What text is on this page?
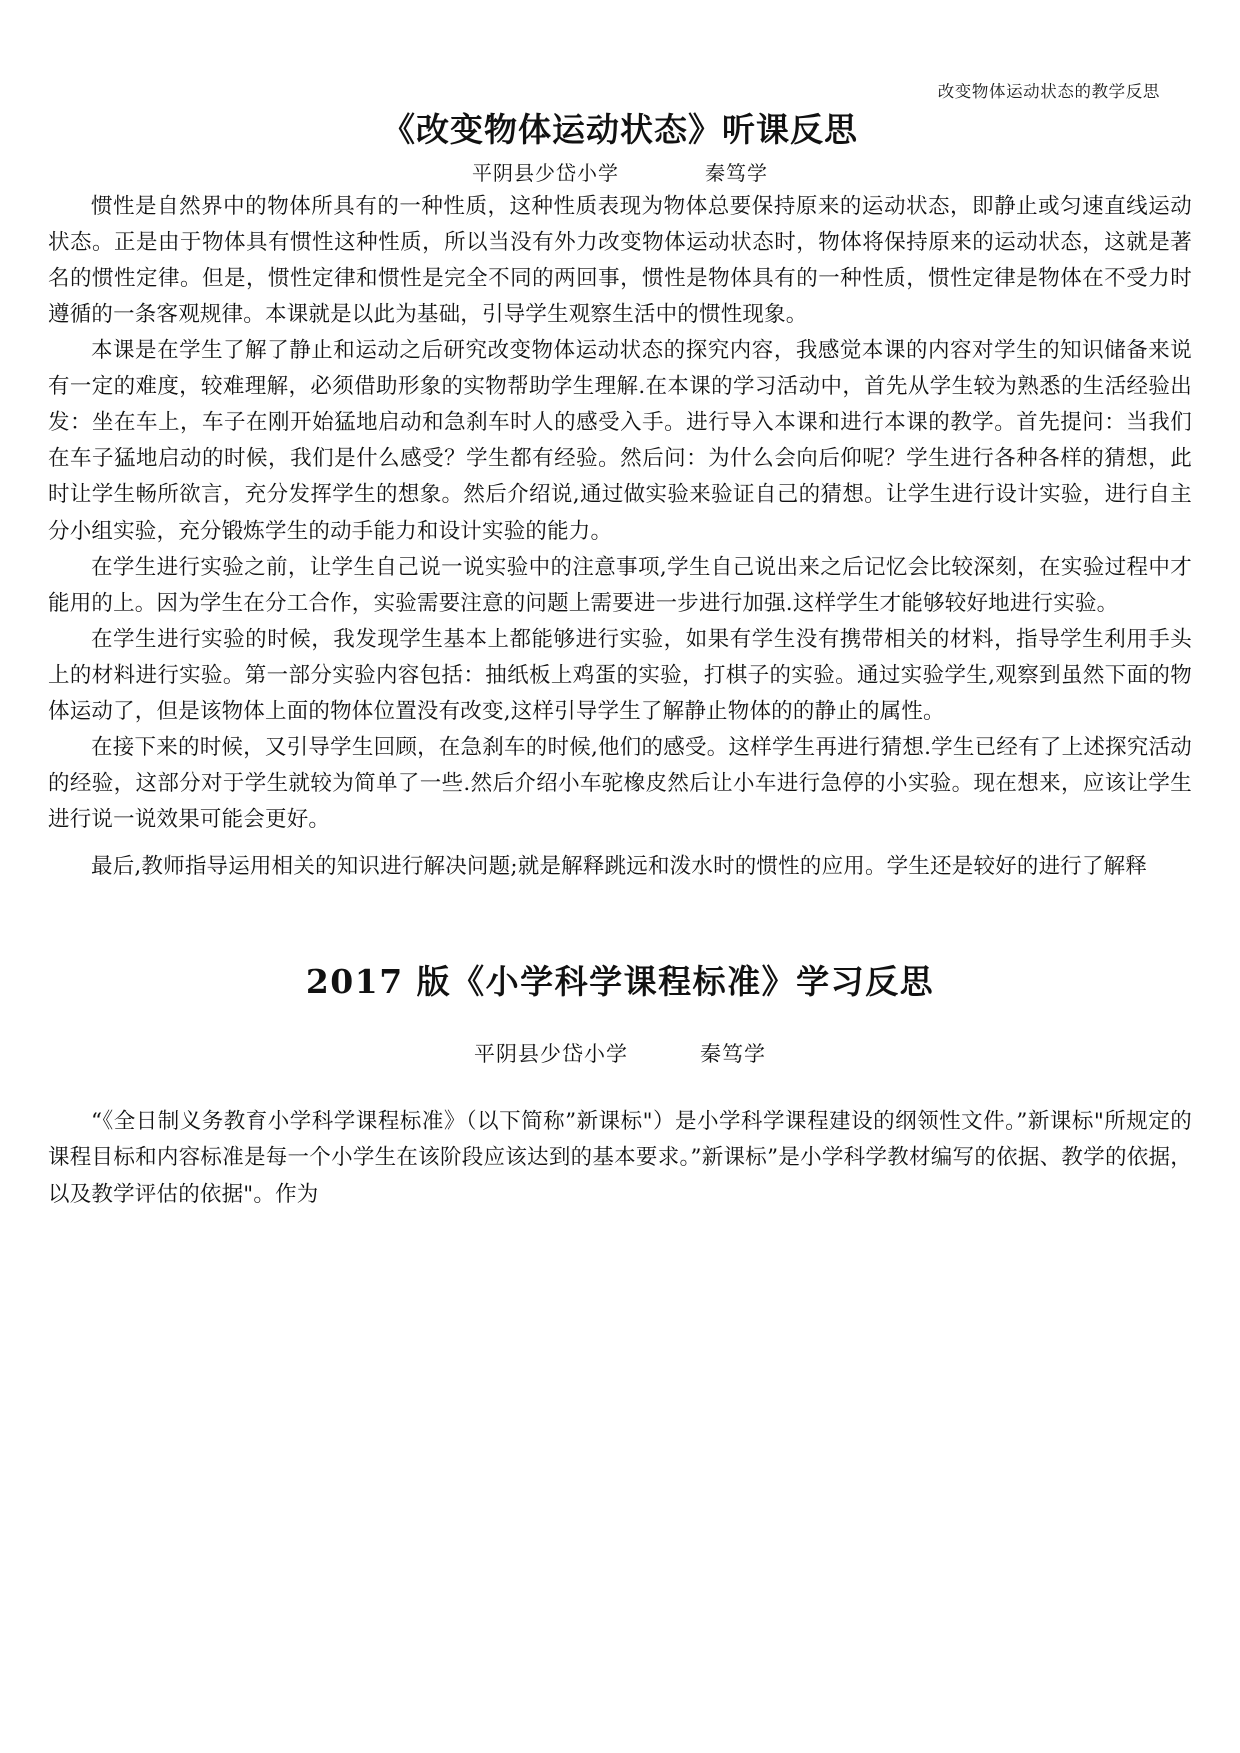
改变物体运动状态的教学反思
《改变物体运动状态》听课反思
平阴县少岱小学	秦笃学

惯性是自然界中的物体所具有的一种性质，这种性质表现为物体总要保持原来的运动状态，即静止或匀速直线运动状态。正是由于物体具有惯性这种性质，所以当没有外力改变物体运动状态时，物体将保持原来的运动状态，这就是著名的惯性定律。但是，惯性定律和惯性是完全不同的两回事，惯性是物体具有的一种性质，惯性定律是物体在不受力时遵循的一条客观规律。本课就是以此为基础，引导学生观察生活中的惯性现象。

本课是在学生了解了静止和运动之后研究改变物体运动状态的探究内容，我感觉本课的内容对学生的知识储备来说有一定的难度，较难理解，必须借助形象的实物帮助学生理解.在本课的学习活动中，首先从学生较为熟悉的生活经验出发：坐在车上，车子在刚开始猛地启动和急刹车时人的感受入手。进行导入本课和进行本课的教学。首先提问：当我们在车子猛地启动的时候，我们是什么感受？学生都有经验。然后问：为什么会向后仰呢？学生进行各种各样的猜想，此时让学生畅所欲言，充分发挥学生的想象。然后介绍说,通过做实验来验证自己的猜想。让学生进行设计实验，进行自主分小组实验，充分锻炼学生的动手能力和设计实验的能力。

在学生进行实验之前，让学生自己说一说实验中的注意事项,学生自己说出来之后记忆会比较深刻，在实验过程中才能用的上。因为学生在分工合作，实验需要注意的问题上需要进一步进行加强.这样学生才能够较好地进行实验。

在学生进行实验的时候，我发现学生基本上都能够进行实验，如果有学生没有携带相关的材料，指导学生利用手头上的材料进行实验。第一部分实验内容包括：抽纸板上鸡蛋的实验，打棋子的实验。通过实验学生,观察到虽然下面的物体运动了，但是该物体上面的物体位置没有改变,这样引导学生了解静止物体的的静止的属性。

在接下来的时候，又引导学生回顾，在急刹车的时候,他们的感受。这样学生再进行猜想.学生已经有了上述探究活动的经验，这部分对于学生就较为简单了一些.然后介绍小车驼橡皮然后让小车进行急停的小实验。现在想来，应该让学生进行说一说效果可能会更好。

最后,教师指导运用相关的知识进行解决问题;就是解释跳远和泼水时的惯性的应用。学生还是较好的进行了解释

2017 版《小学科学课程标准》学习反思
平阴县少岱小学	秦笃学

“《全日制义务教育小学科学课程标准》（以下简称”新课标"）是小学科学课程建设的纲领性文件。”新课标"所规定的课程目标和内容标准是每一个小学生在该阶段应该达到的基本要求。”新课标”是小学科学教材编写的依据、教学的依据，以及教学评估的依据"。作为
